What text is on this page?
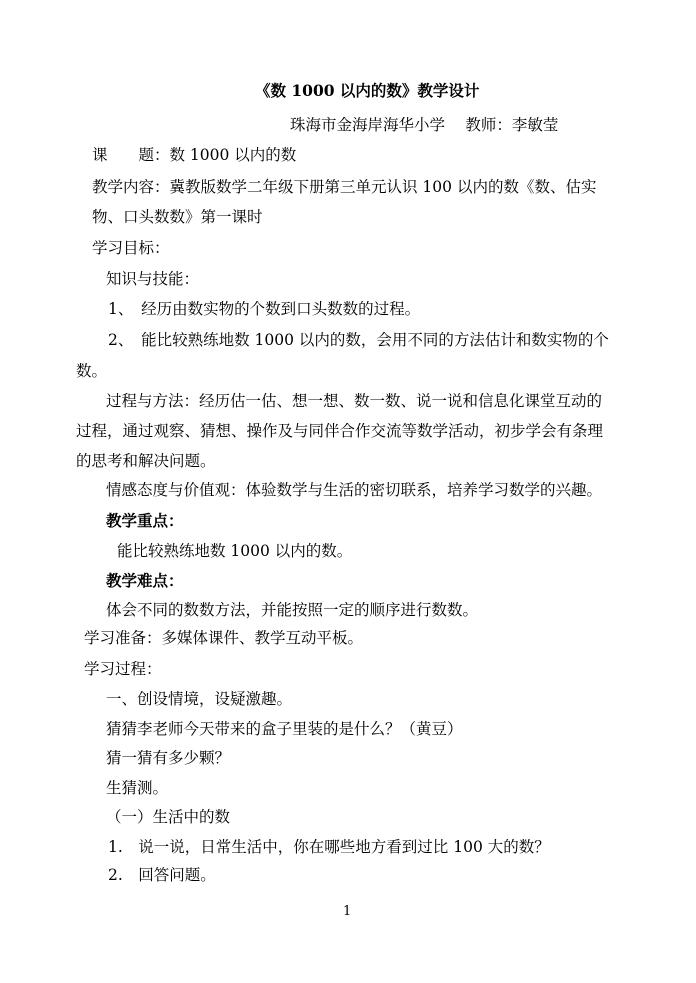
《数 1000 以内的数》教学设计
珠海市金海岸海华小学　 教师：李敏莹
课　　题：数 1000 以内的数
教学内容：冀教版数学二年级下册第三单元认识 100 以内的数《数、估实
物、口头数数》第一课时
学习目标：
知识与技能：
1、　经历由数实物的个数到口头数数的过程。
2、　能比较熟练地数 1000 以内的数，会用不同的方法估计和数实物的个
数。
过程与方法：经历估一估、想一想、数一数、说一说和信息化课堂互动的
过程，通过观察、猜想、操作及与同伴合作交流等数学活动，初步学会有条理
的思考和解决问题。
情感态度与价值观：体验数学与生活的密切联系，培养学习数学的兴趣。
教学重点：
能比较熟练地数 1000 以内的数。
教学难点：
体会不同的数数方法，并能按照一定的顺序进行数数。
学习准备：多媒体课件、教学互动平板。
学习过程：
一、创设情境，设疑激趣。
猜猜李老师今天带来的盒子里装的是什么？（黄豆）
猜一猜有多少颗？
生猜测。
（一）生活中的数
1.　说一说，日常生活中，你在哪些地方看到过比 100 大的数？
2.　回答问题。
1
